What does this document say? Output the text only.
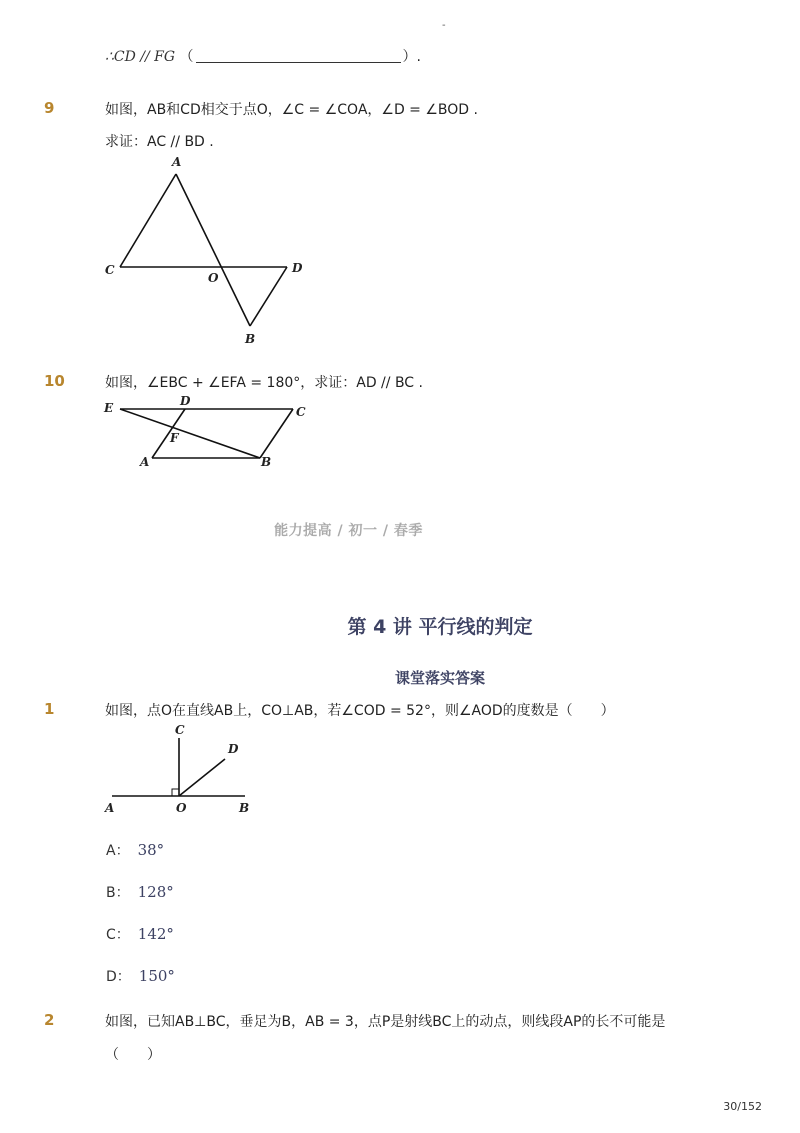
-
∴CD // FG （	）.
9	如图，AB和CD相交于点O，∠C = ∠COA，∠D = ∠BOD .
求证：AC // BD .
A
C
O
D
B
10	如图，∠EBC + ∠EFA = 180°，求证：AD // BC .
E	D
C
F
A	B
能力提高 / 初一 / 春季
第 4 讲 平行线的判定
课堂落实答案
1	如图，点O在直线AB上，CO⊥AB，若∠COD = 52°，则∠AOD的度数是（　　）
C
D
A	O	B
A： 38°
B： 128°
C： 142°
D： 150°
2	如图，已知AB⊥BC，垂足为B，AB = 3，点P是射线BC上的动点，则线段AP的长不可能是
（　　）
30/152
